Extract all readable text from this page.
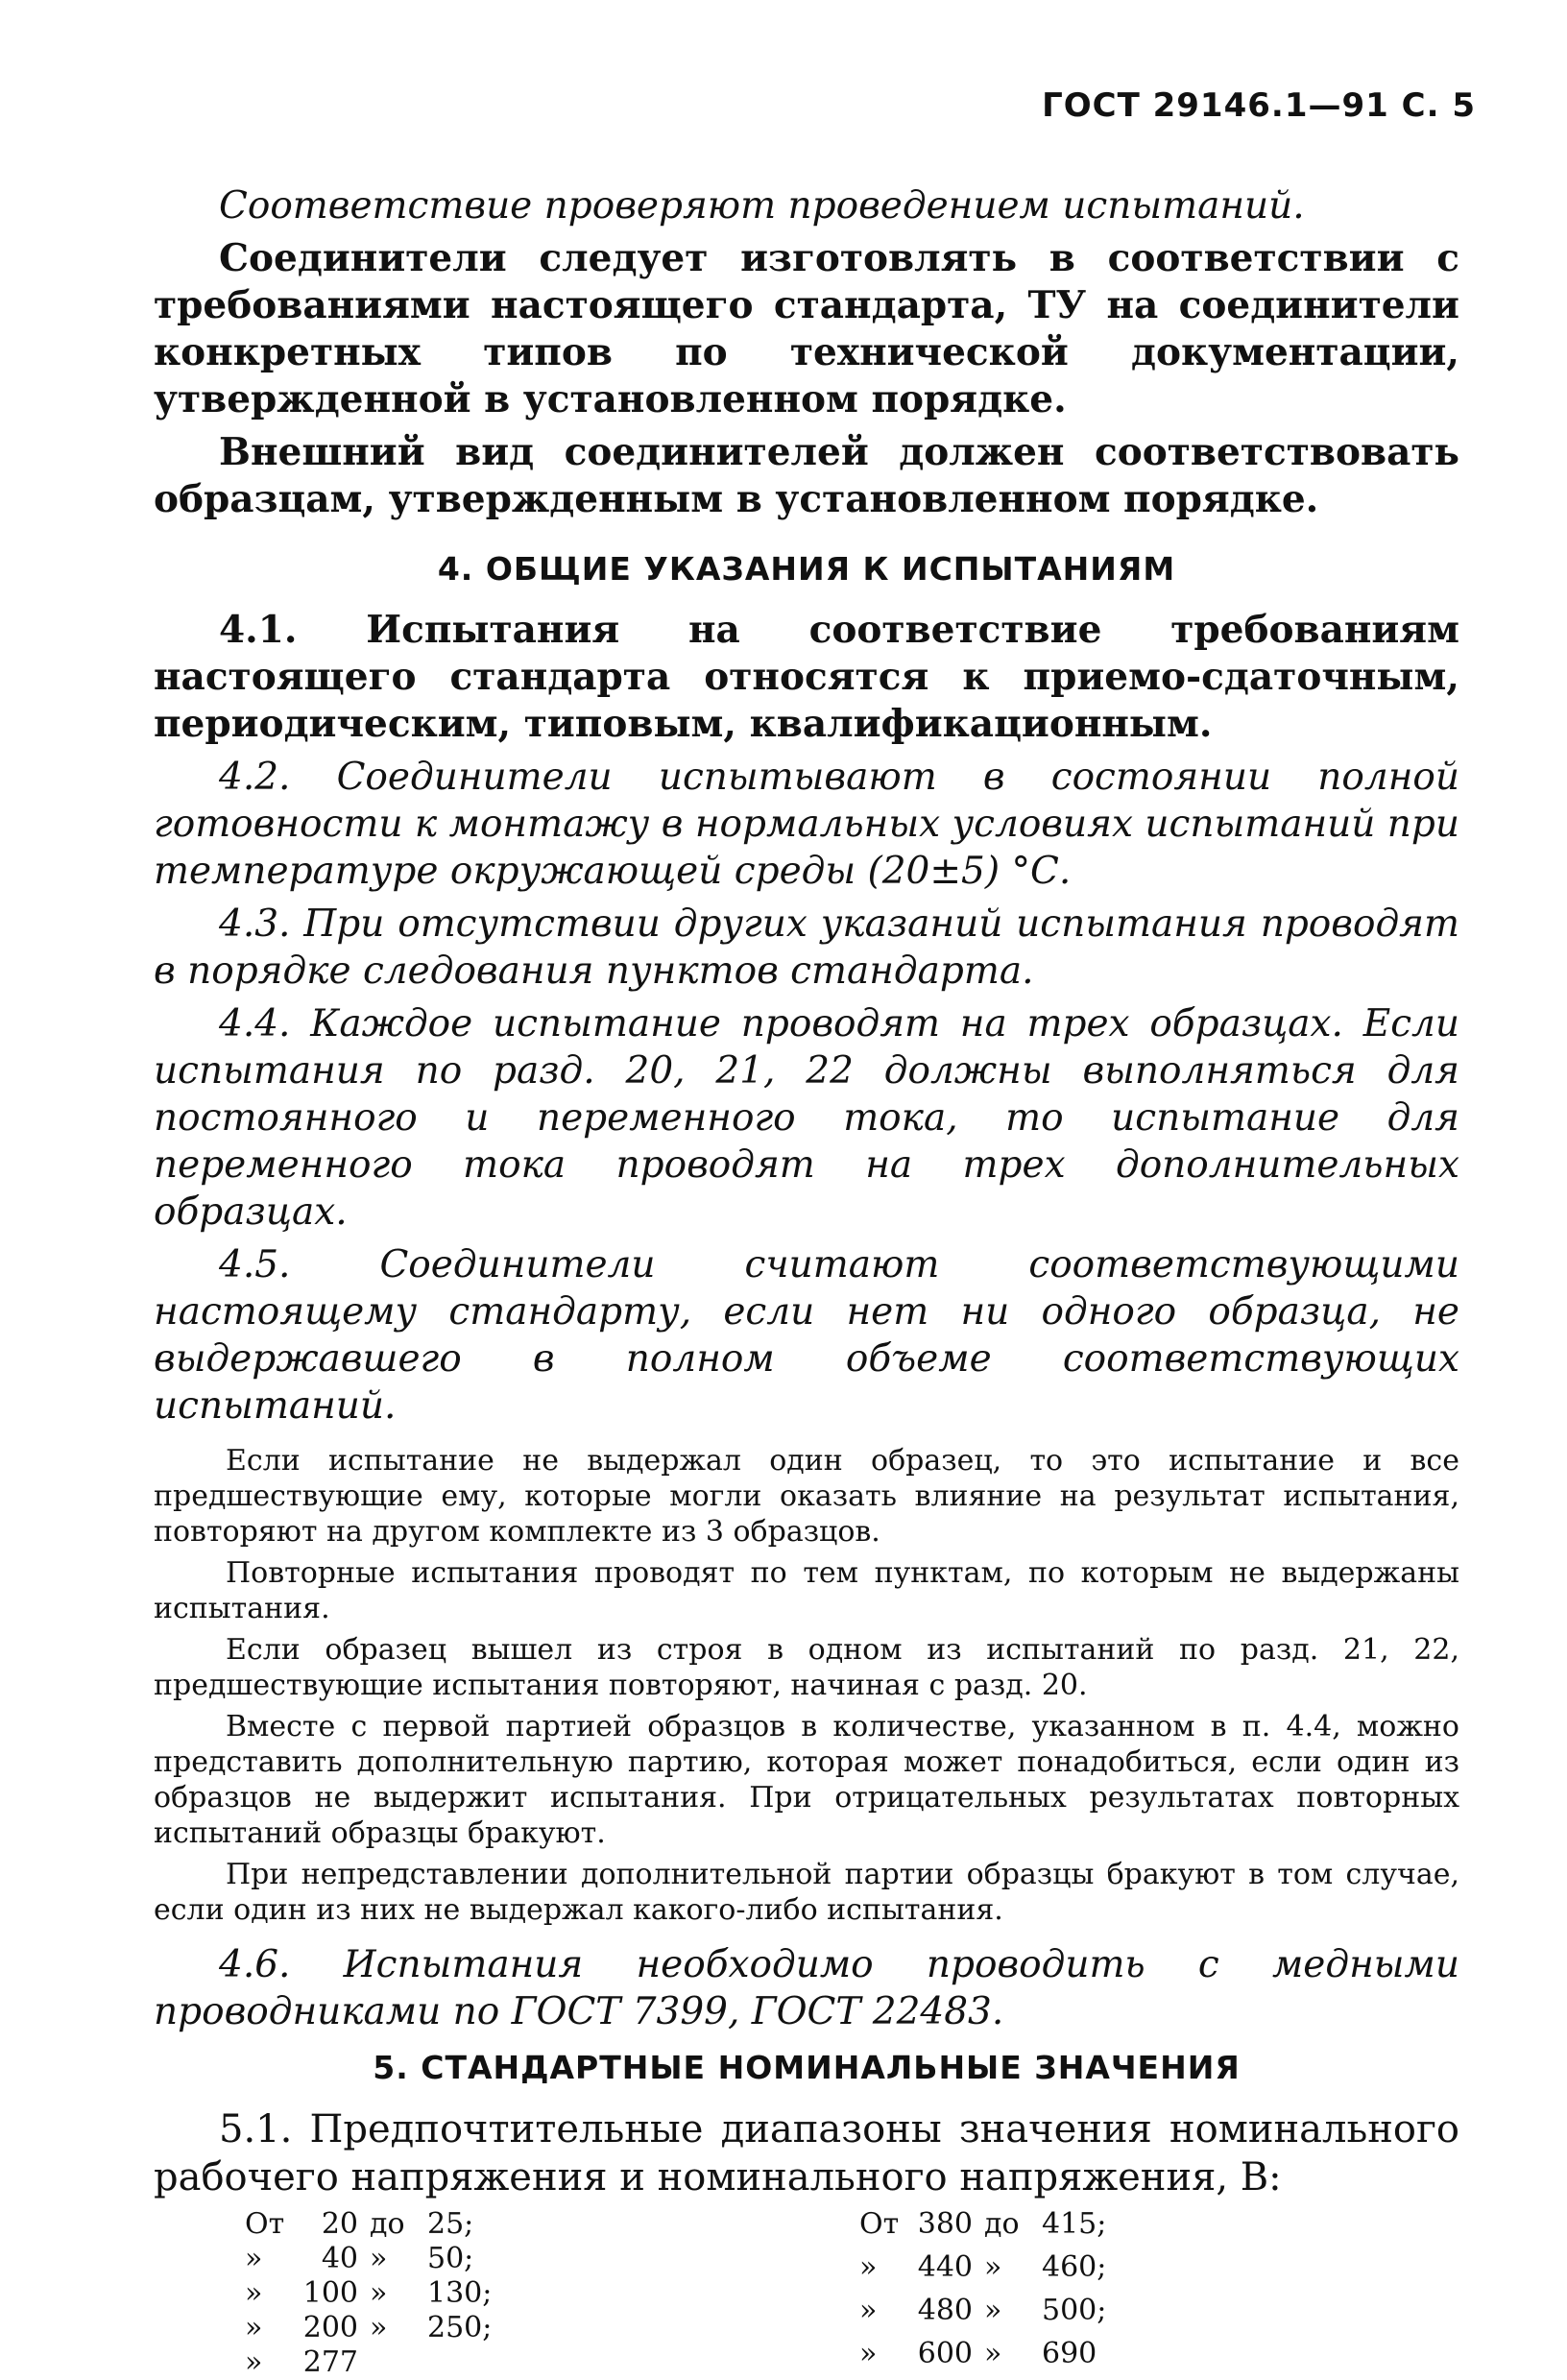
ГОСТ 29146.1—91 С. 5

Соответствие проверяют проведением испытаний.

Соединители следует изготовлять в соответствии с требованиями настоящего стандарта, ТУ на соединители конкретных типов по технической документации, утвержденной в установленном порядке.

Внешний вид соединителей должен соответствовать образцам, утвержденным в установленном порядке.

4. ОБЩИЕ УКАЗАНИЯ К ИСПЫТАНИЯМ

4.1. Испытания на соответствие требованиям настоящего стандарта относятся к приемо-сдаточным, периодическим, типовым, квалификационным.

4.2. Соединители испытывают в состоянии полной готовности к монтажу в нормальных условиях испытаний при температуре окружающей среды (20±5) °С.

4.3. При отсутствии других указаний испытания проводят в порядке следования пунктов стандарта.

4.4. Каждое испытание проводят на трех образцах. Если испытания по разд. 20, 21, 22 должны выполняться для постоянного и переменного тока, то испытание для переменного тока проводят на трех дополнительных образцах.

4.5. Соединители считают соответствующими настоящему стандарту, если нет ни одного образца, не выдержавшего в полном объеме соответствующих испытаний.

Если испытание не выдержал один образец, то это испытание и все предшествующие ему, которые могли оказать влияние на результат испытания, повторяют на другом комплекте из 3 образцов.

Повторные испытания проводят по тем пунктам, по которым не выдержаны испытания.

Если образец вышел из строя в одном из испытаний по разд. 21, 22, предшествующие испытания повторяют, начиная с разд. 20.

Вместе с первой партией образцов в количестве, указанном в п. 4.4, можно представить дополнительную партию, которая может понадобиться, если один из образцов не выдержит испытания. При отрицательных результатах повторных испытаний образцы бракуют.

При непредставлении дополнительной партии образцы бракуют в том случае, если один из них не выдержал какого-либо испытания.

4.6. Испытания необходимо проводить с медными проводниками по ГОСТ 7399, ГОСТ 22483.

5. СТАНДАРТНЫЕ НОМИНАЛЬНЫЕ ЗНАЧЕНИЯ

5.1. Предпочтительные диапазоны значения номинального рабочего напряжения и номинального напряжения, В:

От	20 до 25;
»	40 »	50;
»	100 »	130;
»	200 »	250;
»	277
От 380 до 415;
»	440 »	460;
»	480 »	500;
»	600 »	690
